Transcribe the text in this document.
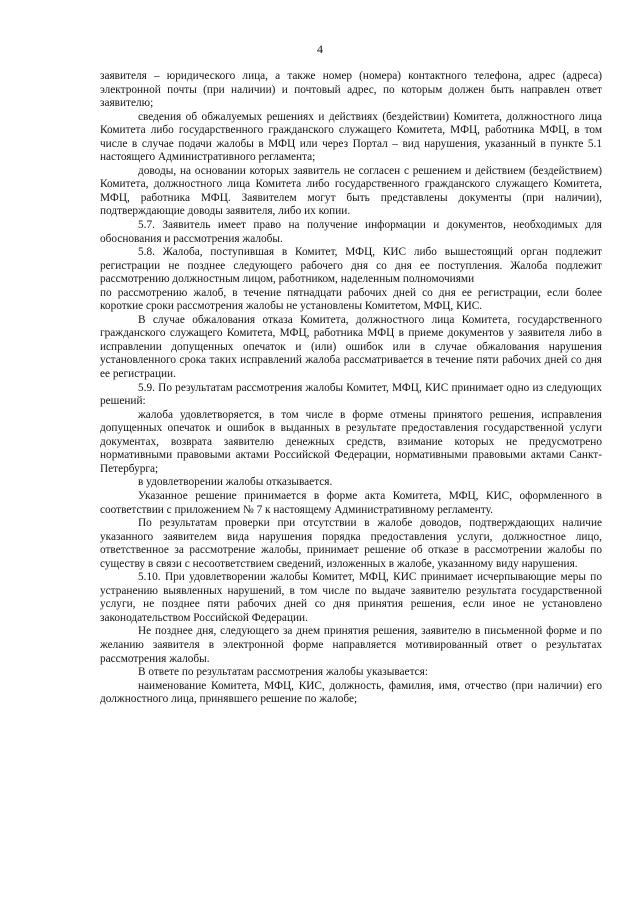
4

заявителя – юридического лица, а также номер (номера) контактного телефона, адрес (адреса) электронной почты (при наличии) и почтовый адрес, по которым должен быть направлен ответ заявителю;

сведения об обжалуемых решениях и действиях (бездействии) Комитета, должностного лица Комитета либо государственного гражданского служащего Комитета, МФЦ, работника МФЦ, в том числе в случае подачи жалобы в МФЦ или через Портал – вид нарушения, указанный в пункте 5.1 настоящего Административного регламента;

доводы, на основании которых заявитель не согласен с решением и действием (бездействием) Комитета, должностного лица Комитета либо государственного гражданского служащего Комитета, МФЦ, работника МФЦ. Заявителем могут быть представлены документы (при наличии), подтверждающие доводы заявителя, либо их копии.

5.7. Заявитель имеет право на получение информации и документов, необходимых для обоснования и рассмотрения жалобы.

5.8. Жалоба, поступившая в Комитет, МФЦ, КИС либо вышестоящий орган подлежит регистрации не позднее следующего рабочего дня со дня ее поступления. Жалоба подлежит рассмотрению должностным лицом, работником, наделенным полномочиями

по рассмотрению жалоб, в течение пятнадцати рабочих дней со дня ее регистрации, если более короткие сроки рассмотрения жалобы не установлены Комитетом, МФЦ, КИС.

В случае обжалования отказа Комитета, должностного лица Комитета, государственного гражданского служащего Комитета, МФЦ, работника МФЦ в приеме документов у заявителя либо в исправлении допущенных опечаток и (или) ошибок или в случае обжалования нарушения установленного срока таких исправлений жалоба рассматривается в течение пяти рабочих дней со дня ее регистрации.

5.9. По результатам рассмотрения жалобы Комитет, МФЦ, КИС принимает одно из следующих решений:

жалоба удовлетворяется, в том числе в форме отмены принятого решения, исправления допущенных опечаток и ошибок в выданных в результате предоставления государственной услуги документах, возврата заявителю денежных средств, взимание которых не предусмотрено нормативными правовыми актами Российской Федерации, нормативными правовыми актами Санкт-Петербурга;

в удовлетворении жалобы отказывается.

Указанное решение принимается в форме акта Комитета, МФЦ, КИС, оформленного в соответствии с приложением № 7 к настоящему Административному регламенту.

По результатам проверки при отсутствии в жалобе доводов, подтверждающих наличие указанного заявителем вида нарушения порядка предоставления услуги, должностное лицо, ответственное за рассмотрение жалобы, принимает решение об отказе в рассмотрении жалобы по существу в связи с несоответствием сведений, изложенных в жалобе, указанному виду нарушения.

5.10. При удовлетворении жалобы Комитет, МФЦ, КИС принимает исчерпывающие меры по устранению выявленных нарушений, в том числе по выдаче заявителю результата государственной услуги, не позднее пяти рабочих дней со дня принятия решения, если иное не установлено законодательством Российской Федерации.

Не позднее дня, следующего за днем принятия решения, заявителю в письменной форме и по желанию заявителя в электронной форме направляется мотивированный ответ о результатах рассмотрения жалобы.

В ответе по результатам рассмотрения жалобы указывается:

наименование Комитета, МФЦ, КИС, должность, фамилия, имя, отчество (при наличии) его должностного лица, принявшего решение по жалобе;
